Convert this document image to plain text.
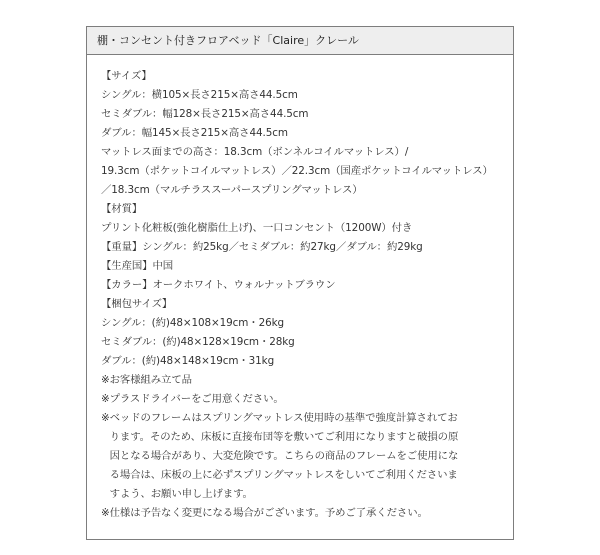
棚・コンセント付きフロアベッド「Claire」クレール
【サイズ】
シングル：横105×長さ215×高さ44.5cm
セミダブル：幅128×長さ215×高さ44.5cm
ダブル：幅145×長さ215×高さ44.5cm
マットレス面までの高さ：18.3cm（ボンネルコイルマットレス）/
19.3cm（ポケットコイルマットレス）／22.3cm（国産ポケットコイルマットレス）
／18.3cm（マルチラススーパースプリングマットレス）
【材質】
プリント化粧板(強化樹脂仕上げ)、一口コンセント（1200W）付き
【重量】シングル：約25kg／セミダブル：約27kg／ダブル：約29kg
【生産国】中国
【カラー】オークホワイト、ウォルナットブラウン
【梱包サイズ】
シングル：(約)48×108×19cm・26kg
セミダブル：(約)48×128×19cm・28kg
ダブル：(約)48×148×19cm・31kg
※ お客様組み立て品
※ プラスドライバーをご用意ください。
※ ベッドのフレームはスプリングマットレス使用時の基準で強度計算されてお
ります。そのため、床板に直接布団等を敷いてご利用になりますと破損の原
因となる場合があり、大変危険です。こちらの商品のフレームをご使用にな
る場合は、床板の上に必ずスプリングマットレスをしいてご利用くださいま
すよう、お願い申し上げます。
※ 仕様は予告なく変更になる場合がございます。予めご了承ください。
